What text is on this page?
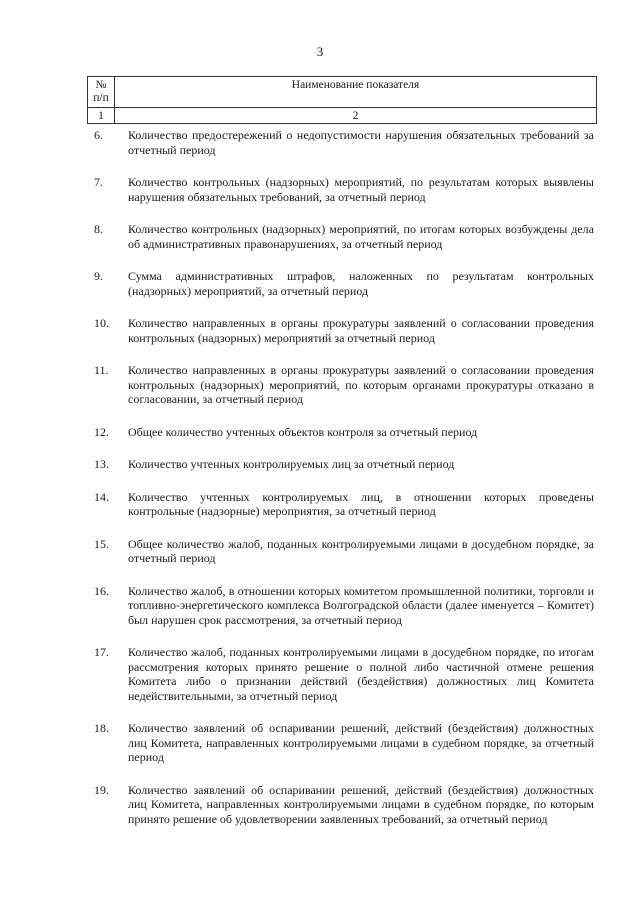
3
№
п/п	Наименование показателя
1	2
6.	Количество предостережений о недопустимости нарушения обязательных требований за отчетный период
7.	Количество контрольных (надзорных) мероприятий, по результатам которых выявлены нарушения обязательных требований, за отчетный период
8.	Количество контрольных (надзорных) мероприятий, по итогам которых возбуждены дела об административных правонарушениях, за отчетный период
9.	Сумма административных штрафов, наложенных по результатам контрольных (надзорных) мероприятий, за отчетный период
10.	Количество направленных в органы прокуратуры заявлений о согласовании проведения контрольных (надзорных) мероприятий за отчетный период
11.	Количество направленных в органы прокуратуры заявлений о согласовании проведения контрольных (надзорных) мероприятий, по которым органами прокуратуры отказано в согласовании, за отчетный период
12.	Общее количество учтенных объектов контроля за отчетный период
13.	Количество учтенных контролируемых лиц за отчетный период
14.	Количество учтенных контролируемых лиц, в отношении которых проведены контрольные (надзорные) мероприятия, за отчетный период
15.	Общее количество жалоб, поданных контролируемыми лицами в досудебном порядке, за отчетный период
16.	Количество жалоб, в отношении которых комитетом промышленной политики, торговли и топливно-энергетического комплекса Волгоградской области (далее именуется – Комитет) был нарушен срок рассмотрения, за отчетный период
17.	Количество жалоб, поданных контролируемыми лицами в досудебном порядке, по итогам рассмотрения которых принято решение о полной либо частичной отмене решения Комитета либо о признании действий (бездействия) должностных лиц Комитета недействительными, за отчетный период
18.	Количество заявлений об оспаривании решений, действий (бездействия) должностных лиц Комитета, направленных контролируемыми лицами в судебном порядке, за отчетный период
19.	Количество заявлений об оспаривании решений, действий (бездействия) должностных лиц Комитета, направленных контролируемыми лицами в судебном порядке, по которым принято решение об удовлетворении заявленных требований, за отчетный период
